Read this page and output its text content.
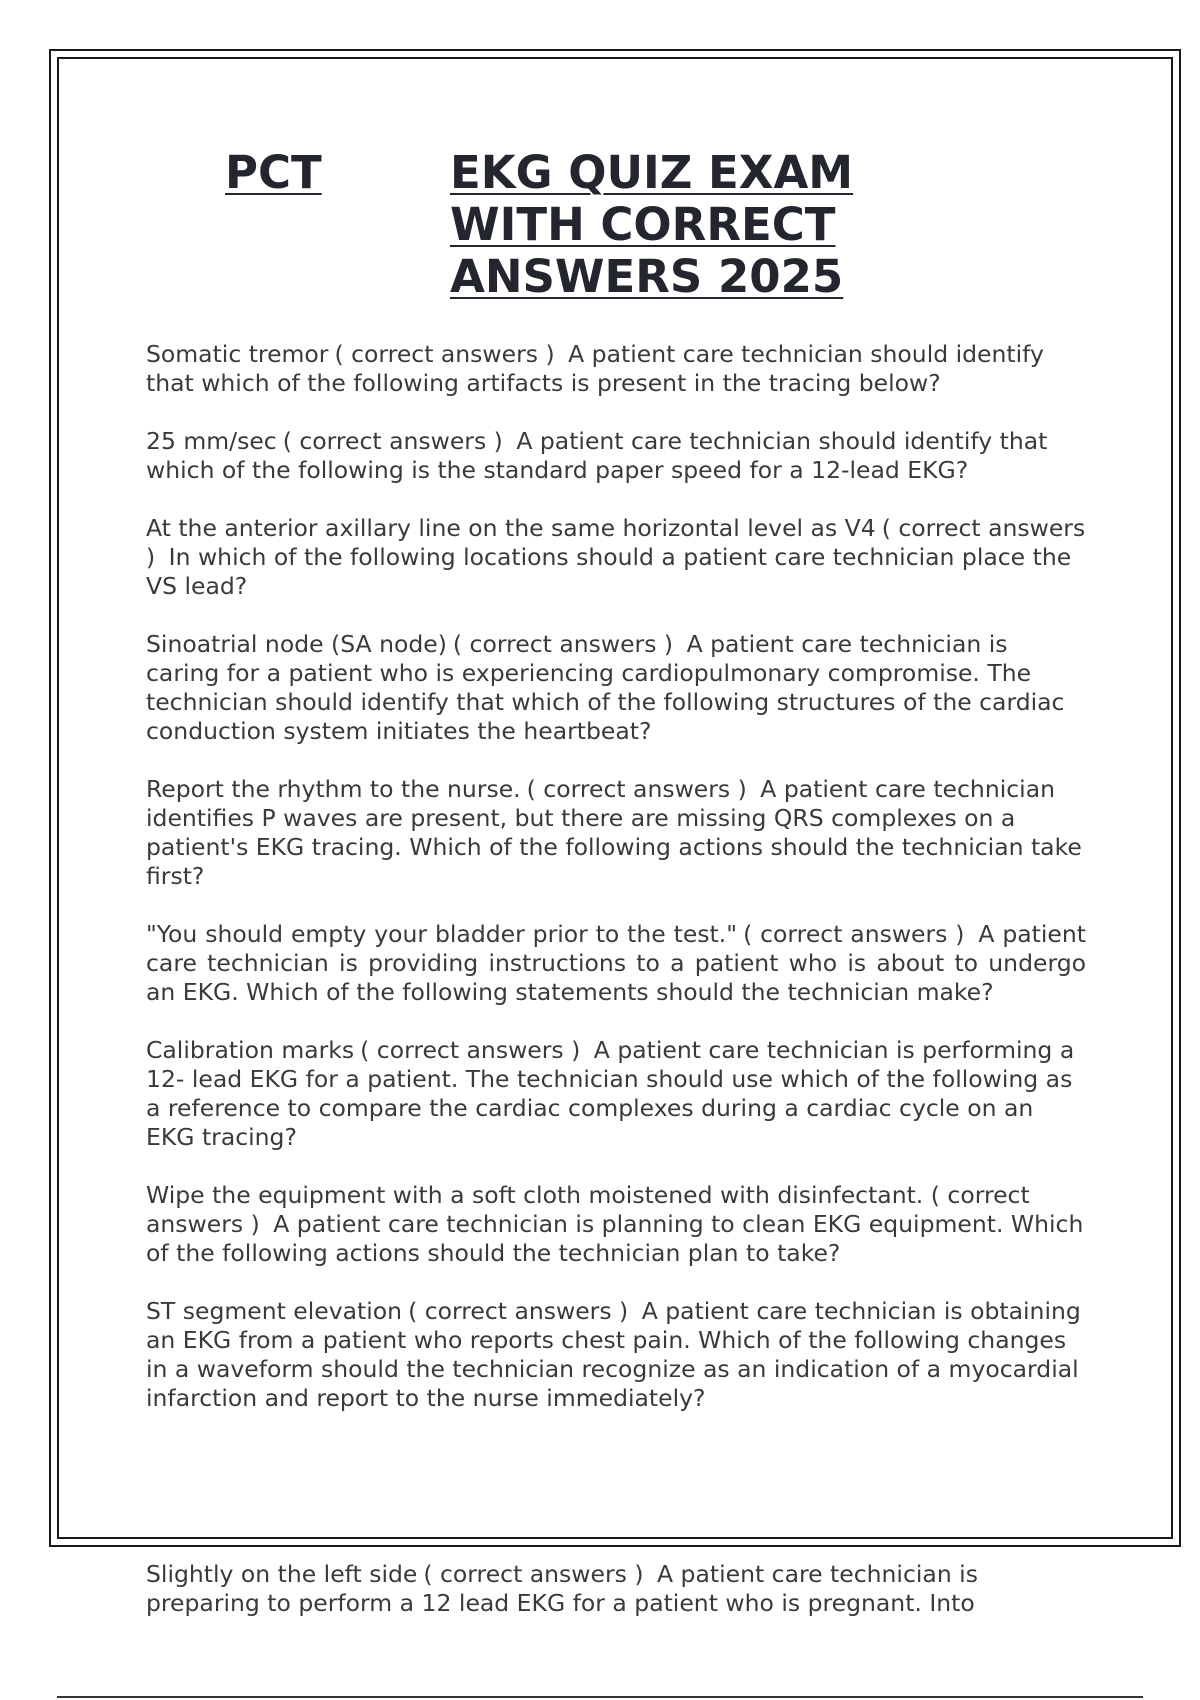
PCT	EKG QUIZ EXAM
WITH CORRECT
ANSWERS 2025

Somatic tremor ( correct answers ) A patient care technician should identify that which of the following artifacts is present in the tracing below?

25 mm/sec ( correct answers ) A patient care technician should identify that which of the following is the standard paper speed for a 12-lead EKG?

At the anterior axillary line on the same horizontal level as V4 ( correct answers ) In which of the following locations should a patient care technician place the VS lead?

Sinoatrial node (SA node) ( correct answers ) A patient care technician is caring for a patient who is experiencing cardiopulmonary compromise. The technician should identify that which of the following structures of the cardiac conduction system initiates the heartbeat?

Report the rhythm to the nurse. ( correct answers ) A patient care technician identifies P waves are present, but there are missing QRS complexes on a patient's EKG tracing. Which of the following actions should the technician take first?

"You should empty your bladder prior to the test." ( correct answers ) A patient care technician is providing instructions to a patient who is about to undergo an EKG. Which of the following statements should the technician make?

Calibration marks ( correct answers ) A patient care technician is performing a 12- lead EKG for a patient. The technician should use which of the following as a reference to compare the cardiac complexes during a cardiac cycle on an EKG tracing?

Wipe the equipment with a soft cloth moistened with disinfectant. ( correct answers ) A patient care technician is planning to clean EKG equipment. Which of the following actions should the technician plan to take?

ST segment elevation ( correct answers ) A patient care technician is obtaining an EKG from a patient who reports chest pain. Which of the following changes in a waveform should the technician recognize as an indication of a myocardial infarction and report to the nurse immediately?

Slightly on the left side ( correct answers ) A patient care technician is preparing to perform a 12 lead EKG for a patient who is pregnant. Into
